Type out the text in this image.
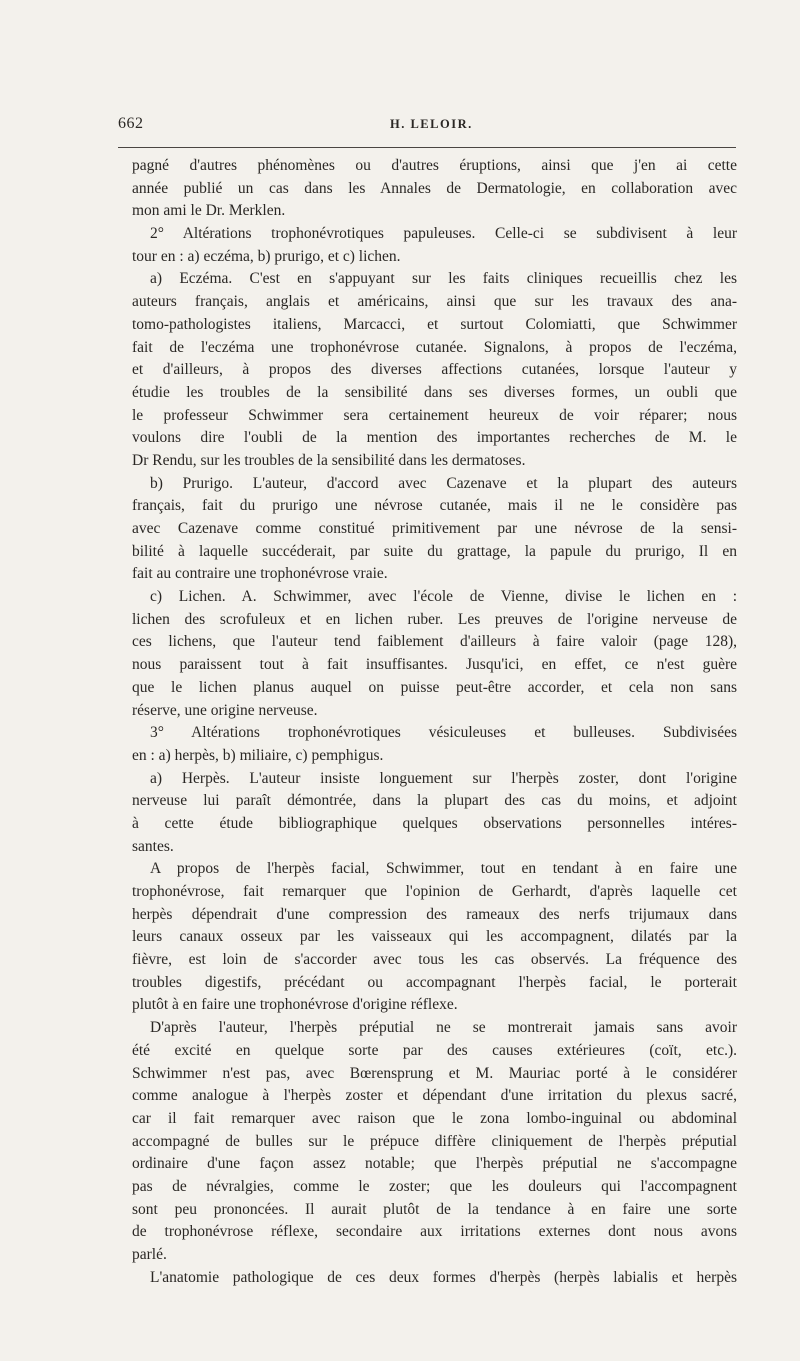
662	H. LELOIR.
pagné d'autres phénomènes ou d'autres éruptions, ainsi que j'en ai cette
année publié un cas dans les Annales de Dermatologie, en collaboration avec
mon ami le Dr. Merklen.
2° Altérations trophonévrotiques papuleuses. Celle-ci se subdivisent à leur
tour en : a) eczéma, b) prurigo, et c) lichen.
a) Eczéma. C'est en s'appuyant sur les faits cliniques recueillis chez les
auteurs français, anglais et américains, ainsi que sur les travaux des ana-
tomo-pathologistes italiens, Marcacci, et surtout Colomiatti, que Schwimmer
fait de l'eczéma une trophonévrose cutanée. Signalons, à propos de l'eczéma,
et d'ailleurs, à propos des diverses affections cutanées, lorsque l'auteur y
étudie les troubles de la sensibilité dans ses diverses formes, un oubli que
le professeur Schwimmer sera certainement heureux de voir réparer; nous
voulons dire l'oubli de la mention des importantes recherches de M. le
Dr Rendu, sur les troubles de la sensibilité dans les dermatoses.
b) Prurigo. L'auteur, d'accord avec Cazenave et la plupart des auteurs
français, fait du prurigo une névrose cutanée, mais il ne le considère pas
avec Cazenave comme constitué primitivement par une névrose de la sensi-
bilité à laquelle succéderait, par suite du grattage, la papule du prurigo, Il en
fait au contraire une trophonévrose vraie.
c) Lichen. A. Schwimmer, avec l'école de Vienne, divise le lichen en :
lichen des scrofuleux et en lichen ruber. Les preuves de l'origine nerveuse de
ces lichens, que l'auteur tend faiblement d'ailleurs à faire valoir (page 128),
nous paraissent tout à fait insuffisantes. Jusqu'ici, en effet, ce n'est guère
que le lichen planus auquel on puisse peut-être accorder, et cela non sans
réserve, une origine nerveuse.
3° Altérations trophonévrotiques vésiculeuses et bulleuses. Subdivisées
en : a) herpès, b) miliaire, c) pemphigus.
a) Herpès. L'auteur insiste longuement sur l'herpès zoster, dont l'origine
nerveuse lui paraît démontrée, dans la plupart des cas du moins, et adjoint
à cette étude bibliographique quelques observations personnelles intéres-
santes.
A propos de l'herpès facial, Schwimmer, tout en tendant à en faire une
trophonévrose, fait remarquer que l'opinion de Gerhardt, d'après laquelle cet
herpès dépendrait d'une compression des rameaux des nerfs trijumaux dans
leurs canaux osseux par les vaisseaux qui les accompagnent, dilatés par la
fièvre, est loin de s'accorder avec tous les cas observés. La fréquence des
troubles digestifs, précédant ou accompagnant l'herpès facial, le porterait
plutôt à en faire une trophonévrose d'origine réflexe.
D'après l'auteur, l'herpès préputial ne se montrerait jamais sans avoir
été excité en quelque sorte par des causes extérieures (coït, etc.).
Schwimmer n'est pas, avec Bœrensprung et M. Mauriac porté à le considérer
comme analogue à l'herpès zoster et dépendant d'une irritation du plexus sacré,
car il fait remarquer avec raison que le zona lombo-inguinal ou abdominal
accompagné de bulles sur le prépuce diffère cliniquement de l'herpès préputial
ordinaire d'une façon assez notable; que l'herpès préputial ne s'accompagne
pas de névralgies, comme le zoster; que les douleurs qui l'accompagnent
sont peu prononcées. Il aurait plutôt de la tendance à en faire une sorte
de trophonévrose réflexe, secondaire aux irritations externes dont nous avons
parlé.
L'anatomie pathologique de ces deux formes d'herpès (herpès labialis et herpès
